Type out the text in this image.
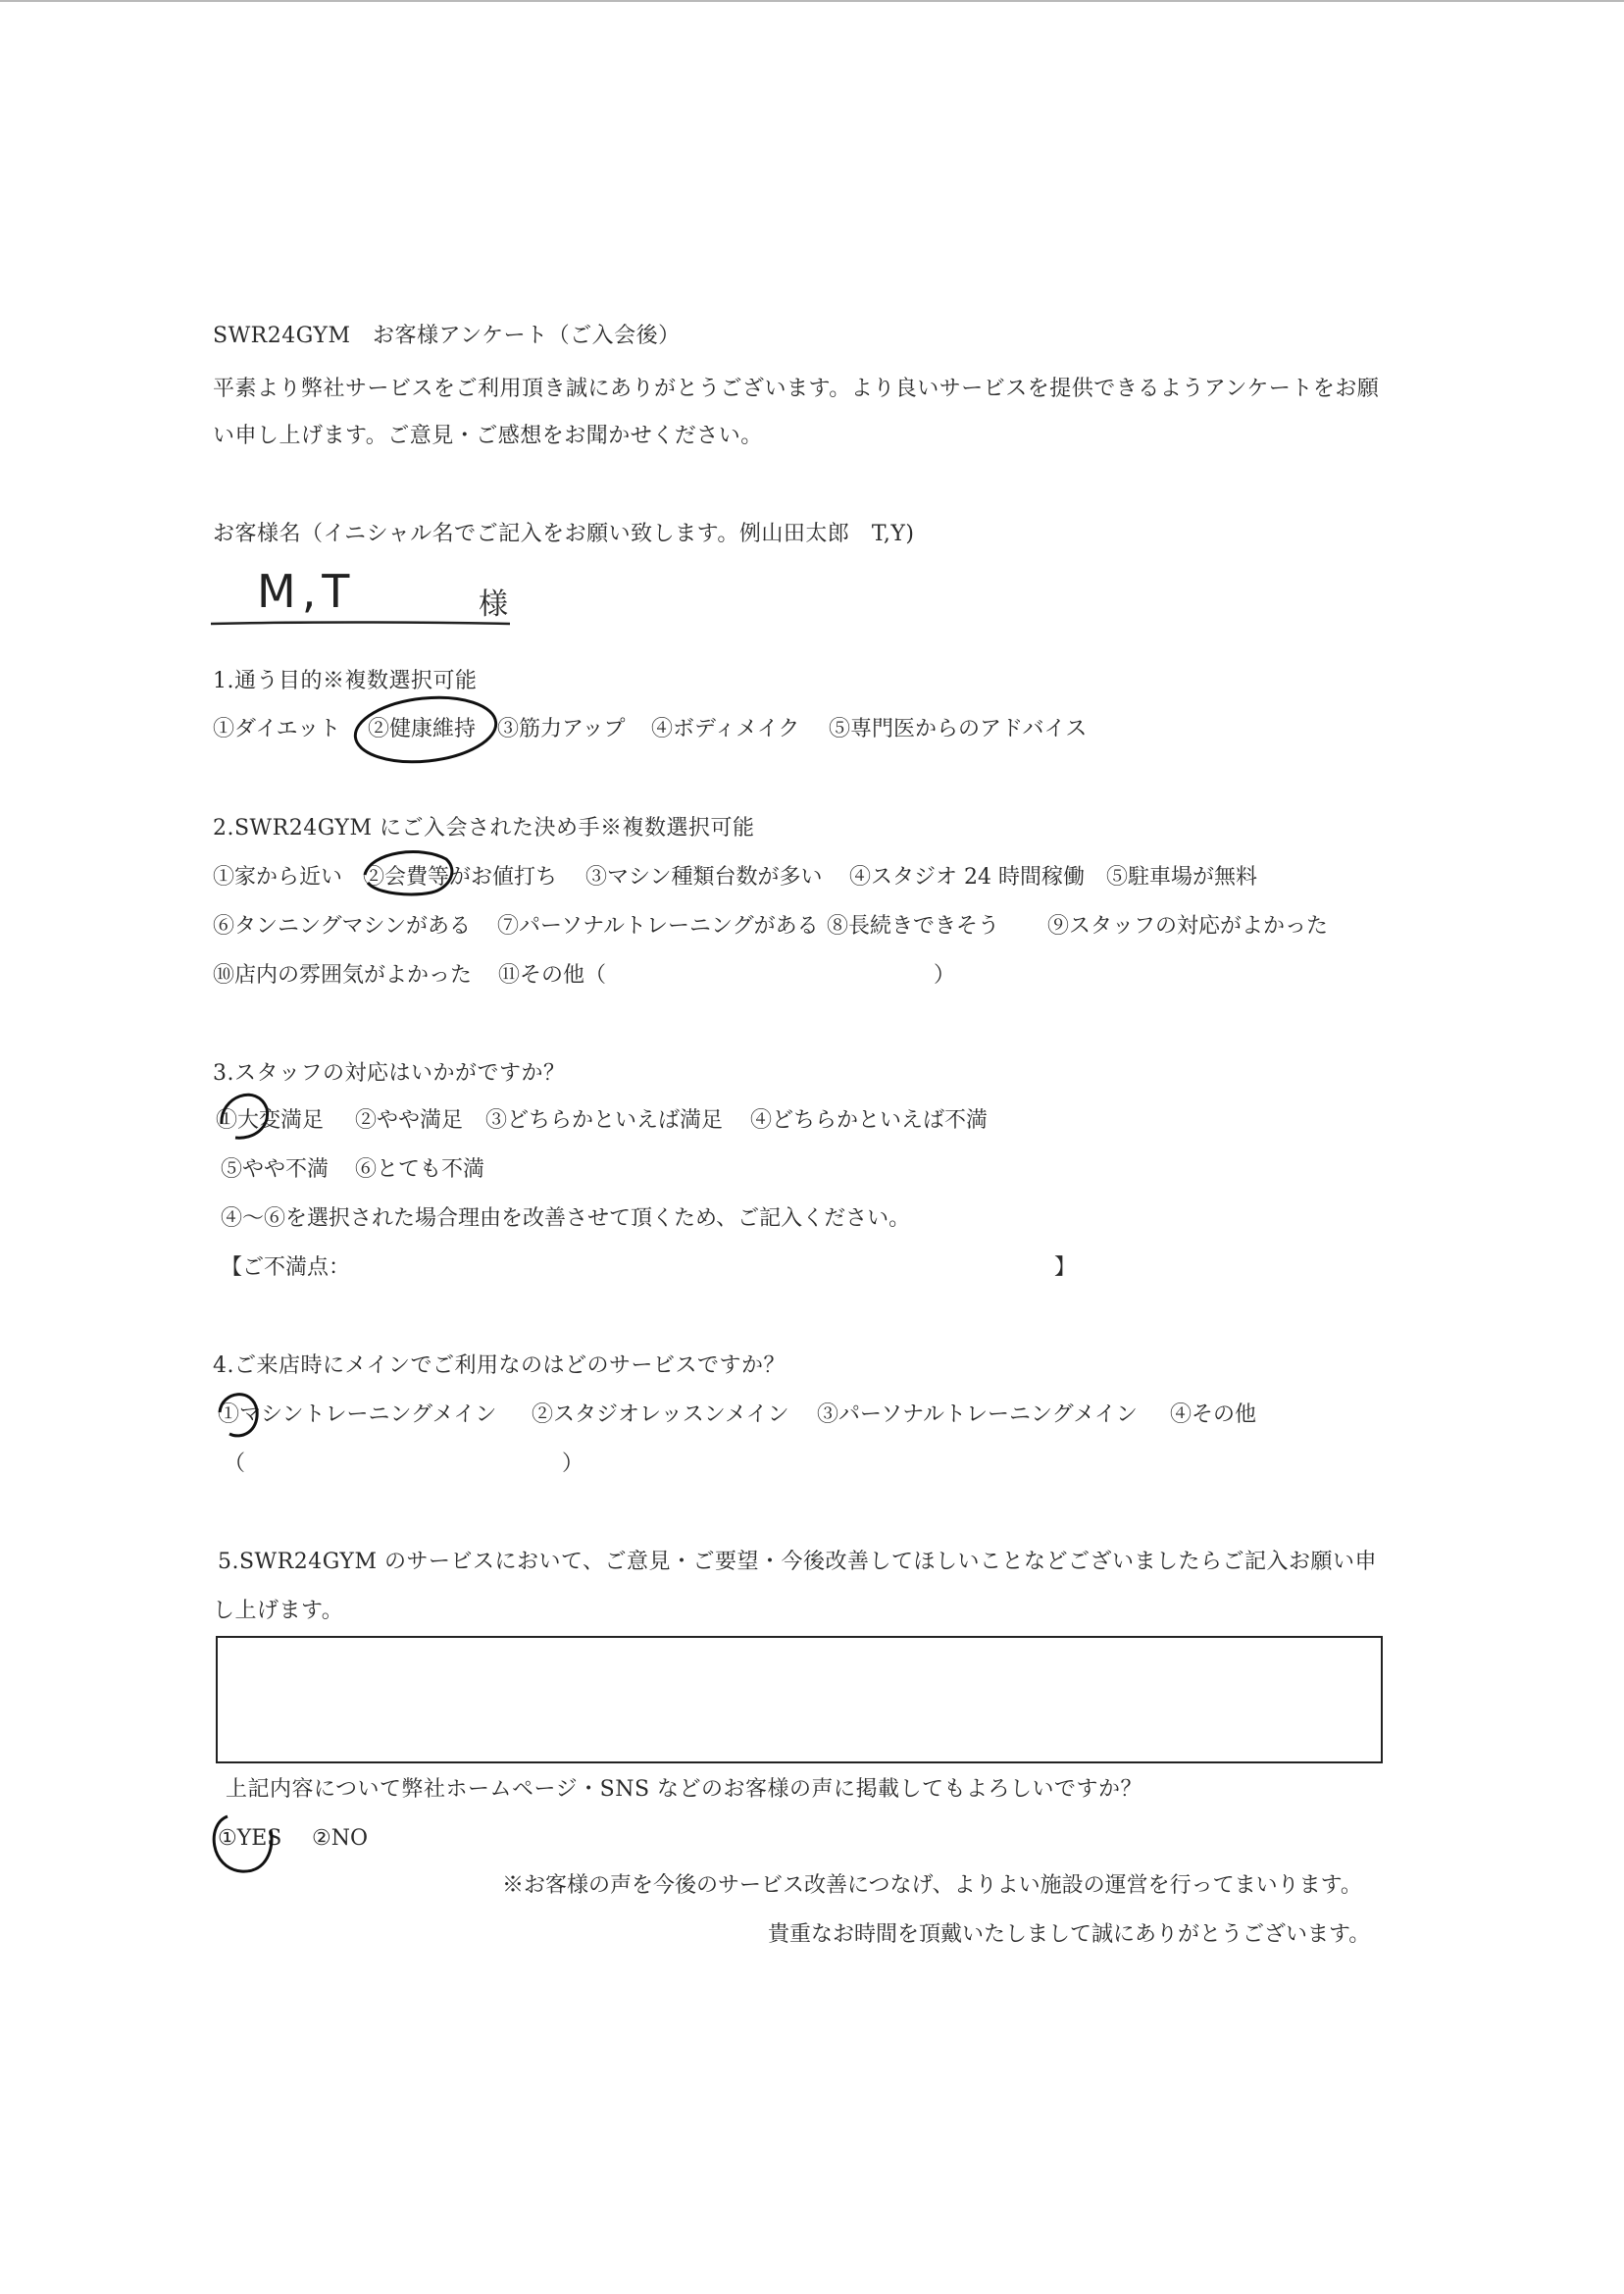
SWR24GYM　お客様アンケート（ご入会後）
平素より弊社サービスをご利用頂き誠にありがとうございます。より良いサービスを提供できるようアンケートをお願
い申し上げます。ご意見・ご感想をお聞かせください。
お客様名（イニシャル名でご記入をお願い致します。例山田太郎　T,Y)
M,T	様
1.通う目的※複数選択可能
①ダイエット ②健康維持 ③筋力アップ ④ボディメイク ⑤専門医からのアドバイス
2.SWR24GYM にご入会された決め手※複数選択可能
①家から近い ②会費等がお値打ち ③マシン種類台数が多い ④スタジオ 24 時間稼働 ⑤駐車場が無料
⑥タンニングマシンがある ⑦パーソナルトレーニングがある ⑧長続きできそう ⑨スタッフの対応がよかった
⑩店内の雰囲気がよかった ⑪その他（	）
3.スタッフの対応はいかがですか？
①大変満足 ②やや満足 ③どちらかといえば満足 ④どちらかといえば不満
⑤やや不満 ⑥とても不満
④～⑥を選択された場合理由を改善させて頂くため、ご記入ください。
【ご不満点：	】
4.ご来店時にメインでご利用なのはどのサービスですか？
①マシントレーニングメイン ②スタジオレッスンメイン ③パーソナルトレーニングメイン ④その他
（	）
5.SWR24GYM のサービスにおいて、ご意見・ご要望・今後改善してほしいことなどございましたらご記入お願い申
し上げます。
上記内容について弊社ホームページ・SNS などのお客様の声に掲載してもよろしいですか？
①YES ②NO
※お客様の声を今後のサービス改善につなげ、よりよい施設の運営を行ってまいります。
貴重なお時間を頂戴いたしまして誠にありがとうございます。
